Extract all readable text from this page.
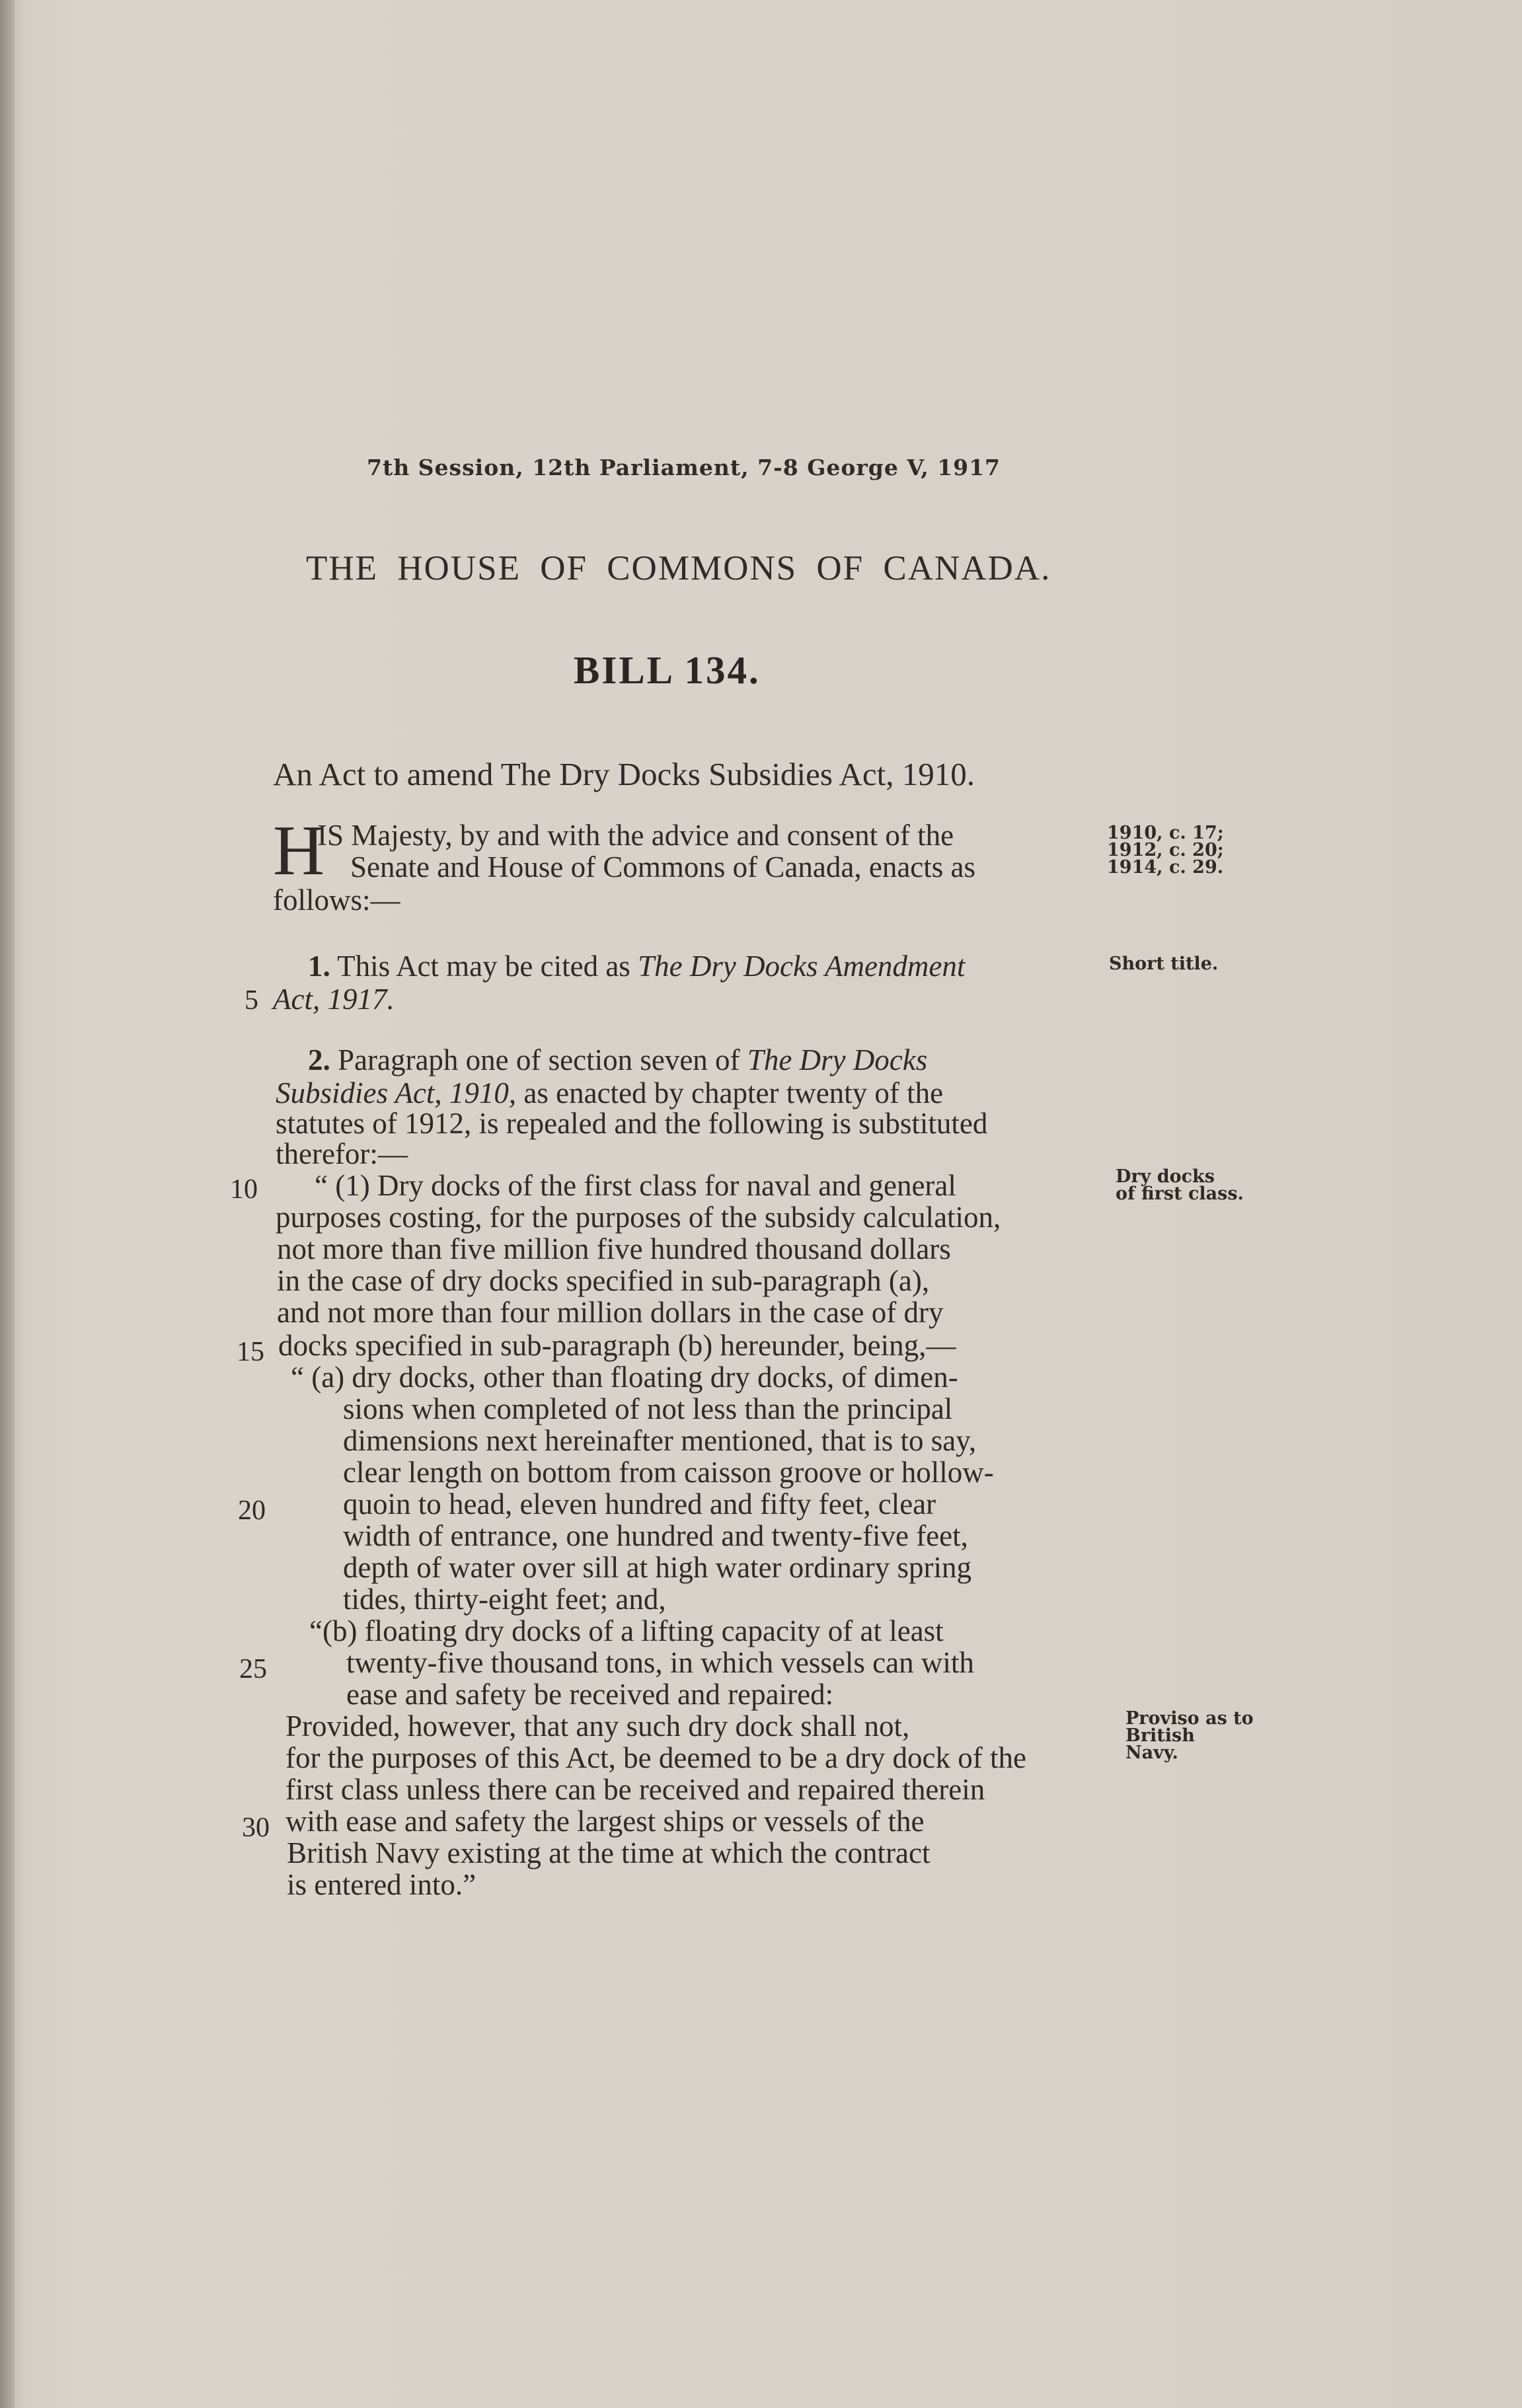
7th Session, 12th Parliament, 7-8 George V, 1917
THE HOUSE OF COMMONS OF CANADA.
BILL 134.
An Act to amend The Dry Docks Subsidies Act, 1910.
H
IS Majesty, by and with the advice and consent of the
Senate and House of Commons of Canada, enacts as
follows:—
1910, c. 17;
1912, c. 20;
1914, c. 29.
1. This Act may be cited as The Dry Docks Amendment
5 Act, 1917.
Short title.
2. Paragraph one of section seven of The Dry Docks
Subsidies Act, 1910, as enacted by chapter twenty of the
statutes of 1912, is repealed and the following is substituted
therefor:—
10 “ (1) Dry docks of the first class for naval and general
purposes costing, for the purposes of the subsidy calculation,
not more than five million five hundred thousand dollars
in the case of dry docks specified in sub-paragraph (a),
and not more than four million dollars in the case of dry
15 docks specified in sub-paragraph (b) hereunder, being,—
Dry docks
of first class.
“ (a) dry docks, other than floating dry docks, of dimen-
sions when completed of not less than the principal
dimensions next hereinafter mentioned, that is to say,
clear length on bottom from caisson groove or hollow-
20	quoin to head, eleven hundred and fifty feet, clear
width of entrance, one hundred and twenty-five feet,
depth of water over sill at high water ordinary spring
tides, thirty-eight feet; and,
“(b) floating dry docks of a lifting capacity of at least
25	twenty-five thousand tons, in which vessels can with
ease and safety be received and repaired:
Provided, however, that any such dry dock shall not,
for the purposes of this Act, be deemed to be a dry dock of the
first class unless there can be received and repaired therein
30 with ease and safety the largest ships or vessels of the
British Navy existing at the time at which the contract
is entered into.”
Proviso as to
British
Navy.
